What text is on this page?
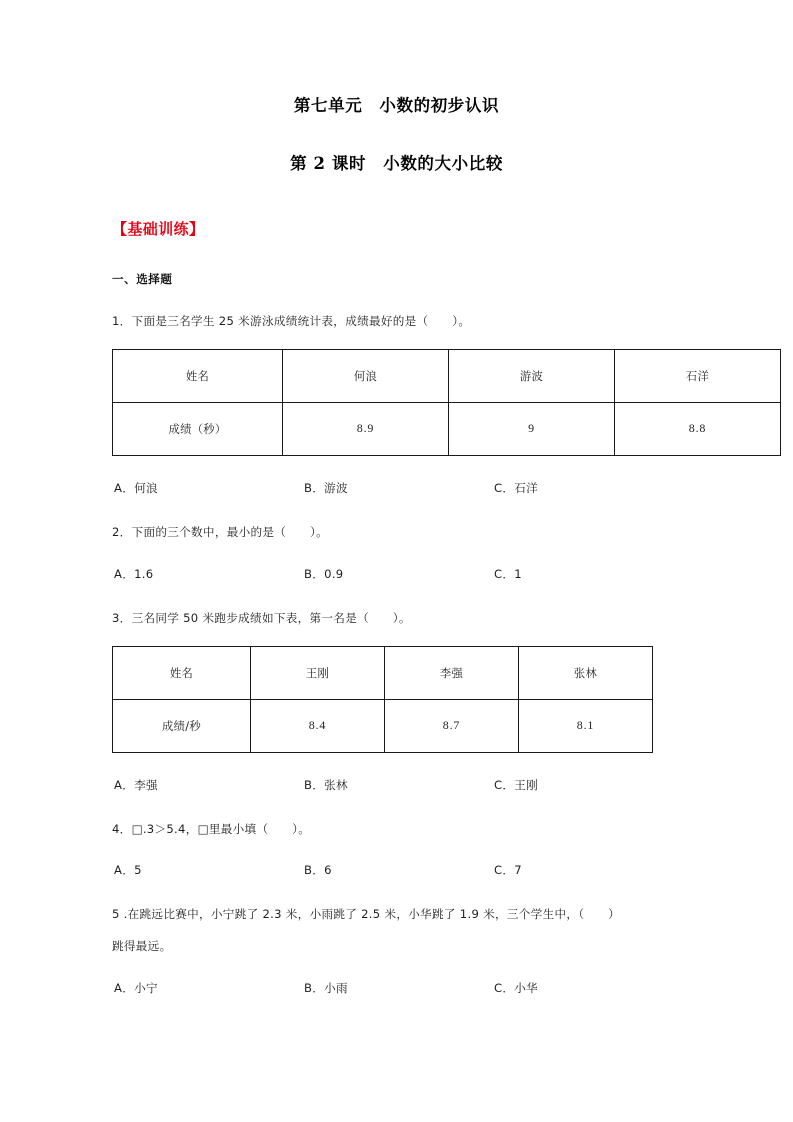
第七单元　小数的初步认识
第 2 课时　小数的大小比较
【基础训练】
一、选择题
1．下面是三名学生 25 米游泳成绩统计表，成绩最好的是（　　）。
姓名	何浪	游波	石洋
成绩（秒）	8.9	9	8.8
A．何浪	B．游波	C．石洋
2．下面的三个数中，最小的是（　　）。
A．1.6	B．0.9	C．1
3．三名同学 50 米跑步成绩如下表，第一名是（　　）。
姓名	王刚	李强	张林
成绩/秒	8.4	8.7	8.1
A．李强	B．张林	C．王刚
4．□.3＞5.4，□里最小填（　　）。
A．5	B．6	C．7
5 .在跳远比赛中，小宁跳了 2.3 米，小雨跳了 2.5 米，小华跳了 1.9 米，三个学生中，（　　）
跳得最远。
A．小宁	B．小雨	C．小华
